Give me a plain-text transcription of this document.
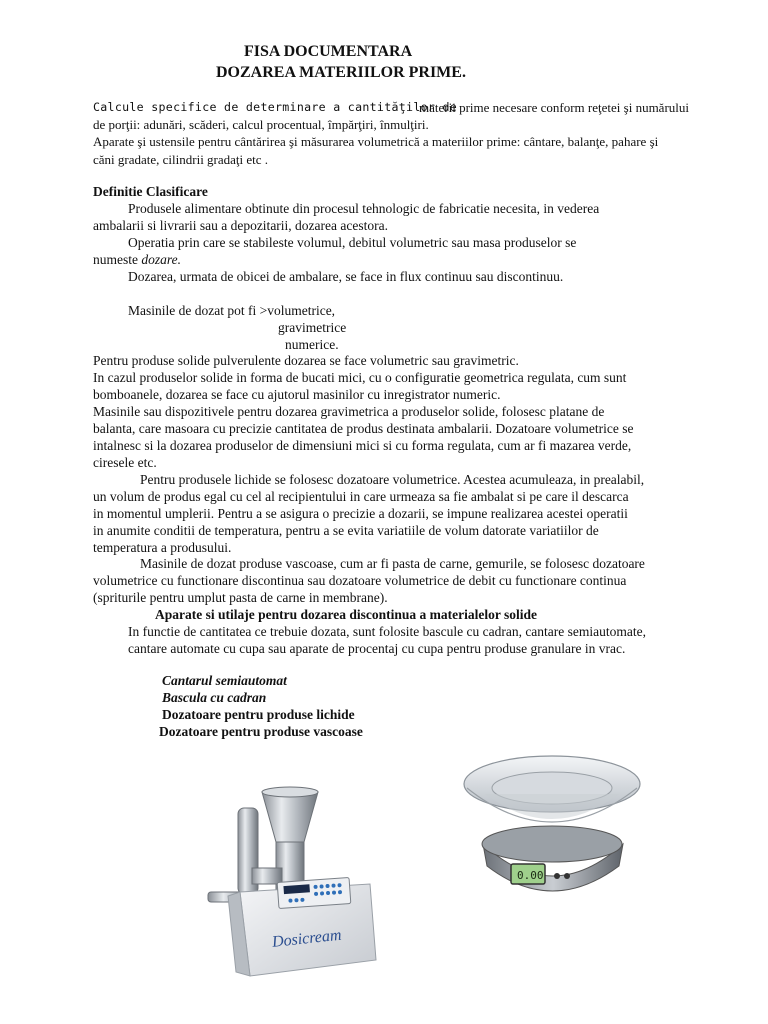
FISA DOCUMENTARA
DOZAREA MATERIILOR PRIME.
Calcule specifice de determinare a cantităţilor de
materii prime necesare conform reţetei şi numărului
de porţii: adunări, scăderi, calcul procentual, împărţiri, înmulţiri.
Aparate şi ustensile pentru cântărirea şi măsurarea volumetrică a materiilor prime: cântare, balanţe, pahare şi
căni gradate, cilindrii gradaţi etc .
Definitie Clasificare
Produsele alimentare obtinute din procesul tehnologic de fabricatie necesita, in vederea
ambalarii si livrarii sau a depozitarii, dozarea acestora.
Operatia prin care se stabileste volumul, debitul volumetric sau masa produselor se
numeste dozare.
Dozarea, urmata de obicei de ambalare, se face in flux continuu sau discontinuu.
Masinile de dozat pot fi >volumetrice,
gravimetrice
numerice.
Pentru produse solide pulverulente dozarea se face volumetric sau gravimetric.
In cazul produselor solide in forma de bucati mici, cu o configuratie geometrica regulata, cum sunt
bomboanele, dozarea se face cu ajutorul masinilor cu inregistrator numeric.
Masinile sau dispozitivele pentru dozarea gravimetrica a produselor solide, folosesc platane de
balanta, care masoara cu precizie cantitatea de produs destinata ambalarii. Dozatoare volumetrice se
intalnesc si la dozarea produselor de dimensiuni mici si cu forma regulata, cum ar fi mazarea verde,
ciresele etc.
Pentru produsele lichide se folosesc dozatoare volumetrice. Acestea acumuleaza, in prealabil,
un volum de produs egal cu cel al recipientului in care urmeaza sa fie ambalat si pe care il descarca
in momentul umplerii. Pentru a se asigura o precizie a dozarii, se impune realizarea acestei operatii
in anumite conditii de temperatura, pentru a se evita variatiile de volum datorate variatiilor de
temperatura a produsului.
Masinile de dozat produse vascoase, cum ar fi pasta de carne, gemurile, se folosesc dozatoare
volumetrice cu functionare discontinua sau dozatoare volumetrice de debit cu functionare continua
(spriturile pentru umplut pasta de carne in membrane).
Aparate si utilaje pentru dozarea discontinua a materialelor solide
In functie de cantitatea ce trebuie dozata, sunt folosite bascule cu cadran, cantare semiautomate,
cantare automate cu cupa sau aparate de procentaj cu cupa pentru produse granulare in vrac.
Cantarul semiautomat
Bascula cu cadran
Dozatoare pentru produse lichide
Dozatoare pentru produse vascoase
Dosicream
0.00
